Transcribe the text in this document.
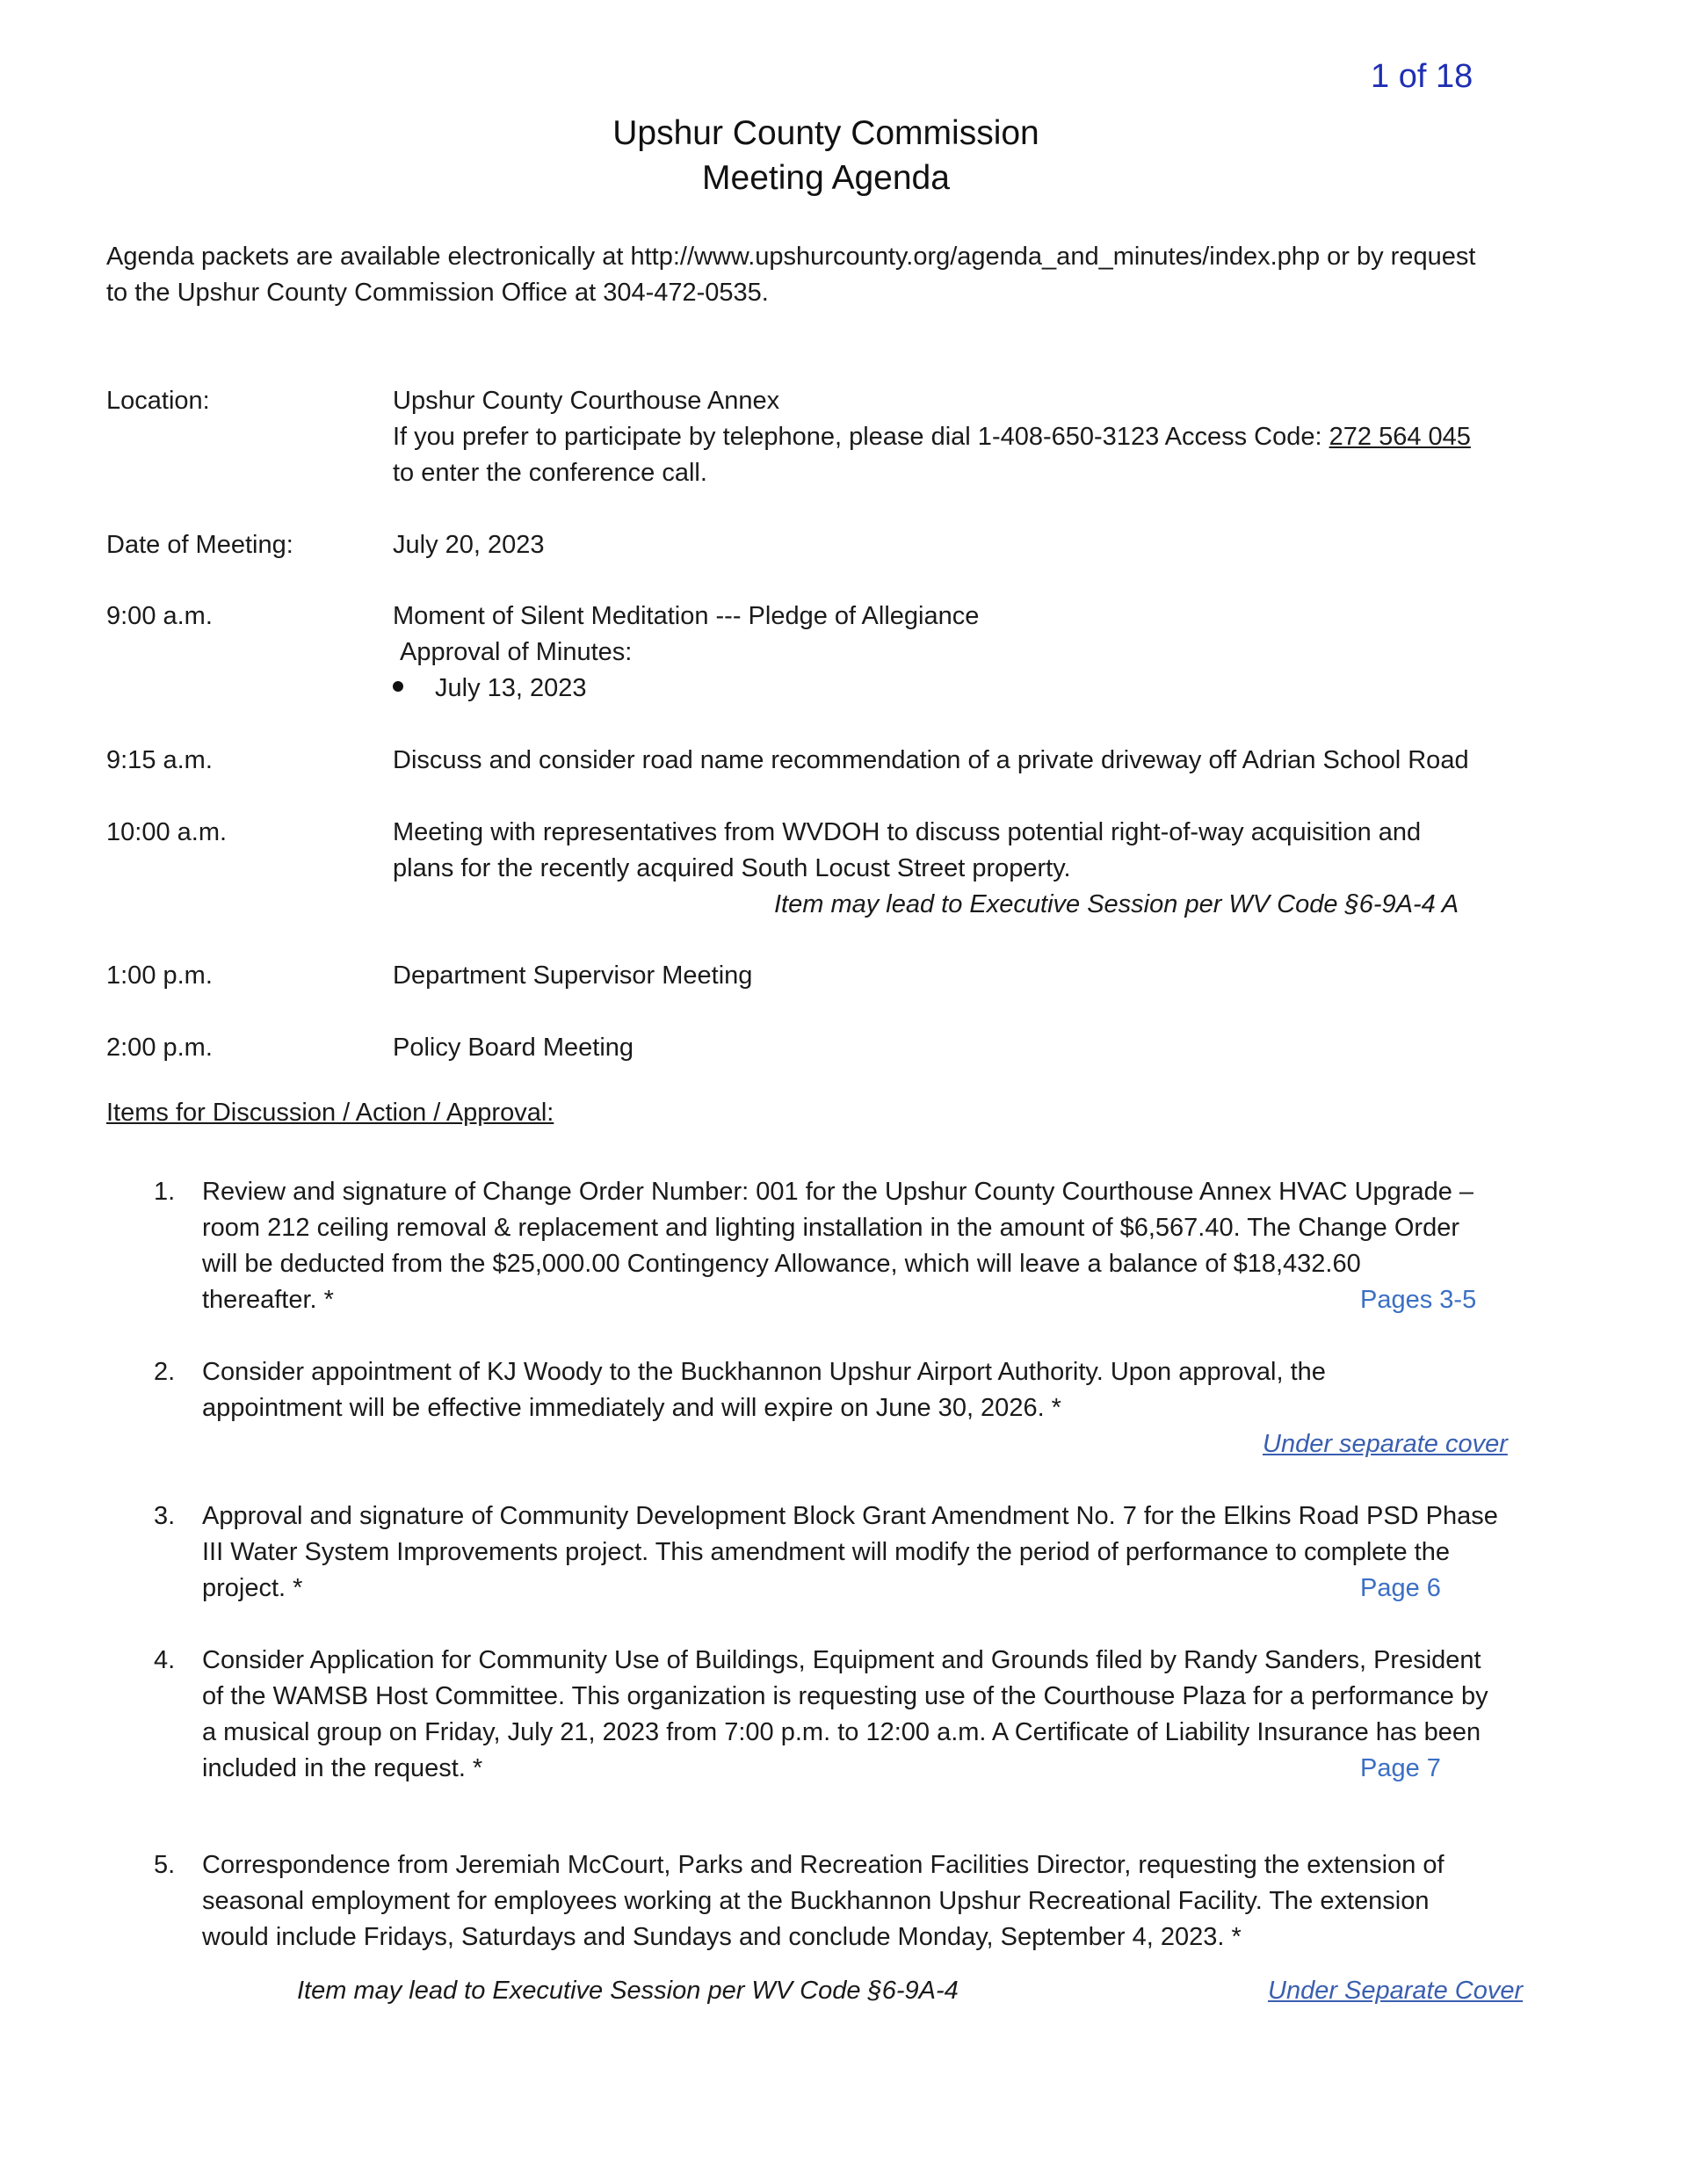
1 of 18
Upshur County Commission
Meeting Agenda
Agenda packets are available electronically at http://www.upshurcounty.org/agenda_and_minutes/index.php or by request
to the Upshur County Commission Office at 304-472-0535.
Location:	Upshur County Courthouse Annex
If you prefer to participate by telephone, please dial 1-408-650-3123 Access Code: 272 564 045
to enter the conference call.
Date of Meeting:	July 20, 2023
9:00 a.m.	Moment of Silent Meditation --- Pledge of Allegiance
Approval of Minutes:
July 13, 2023
9:15 a.m.	Discuss and consider road name recommendation of a private driveway off Adrian School Road
10:00 a.m.	Meeting with representatives from WVDOH to discuss potential right-of-way acquisition and
plans for the recently acquired South Locust Street property.
Item may lead to Executive Session per WV Code §6-9A-4 A
1:00 p.m.	Department Supervisor Meeting
2:00 p.m.	Policy Board Meeting
Items for Discussion / Action / Approval:
1.	Review and signature of Change Order Number: 001 for the Upshur County Courthouse Annex HVAC Upgrade –
room 212 ceiling removal & replacement and lighting installation in the amount of $6,567.40. The Change Order
will be deducted from the $25,000.00 Contingency Allowance, which will leave a balance of $18,432.60
thereafter. *	Pages 3-5
2.	Consider appointment of KJ Woody to the Buckhannon Upshur Airport Authority. Upon approval, the
appointment will be effective immediately and will expire on June 30, 2026. *
Under separate cover
3.	Approval and signature of Community Development Block Grant Amendment No. 7 for the Elkins Road PSD Phase
III Water System Improvements project. This amendment will modify the period of performance to complete the
project. *	Page 6
4.	Consider Application for Community Use of Buildings, Equipment and Grounds filed by Randy Sanders, President
of the WAMSB Host Committee. This organization is requesting use of the Courthouse Plaza for a performance by
a musical group on Friday, July 21, 2023 from 7:00 p.m. to 12:00 a.m. A Certificate of Liability Insurance has been
included in the request. *	Page 7
5.	Correspondence from Jeremiah McCourt, Parks and Recreation Facilities Director, requesting the extension of
seasonal employment for employees working at the Buckhannon Upshur Recreational Facility. The extension
would include Fridays, Saturdays and Sundays and conclude Monday, September 4, 2023. *
Item may lead to Executive Session per WV Code §6-9A-4	Under Separate Cover
